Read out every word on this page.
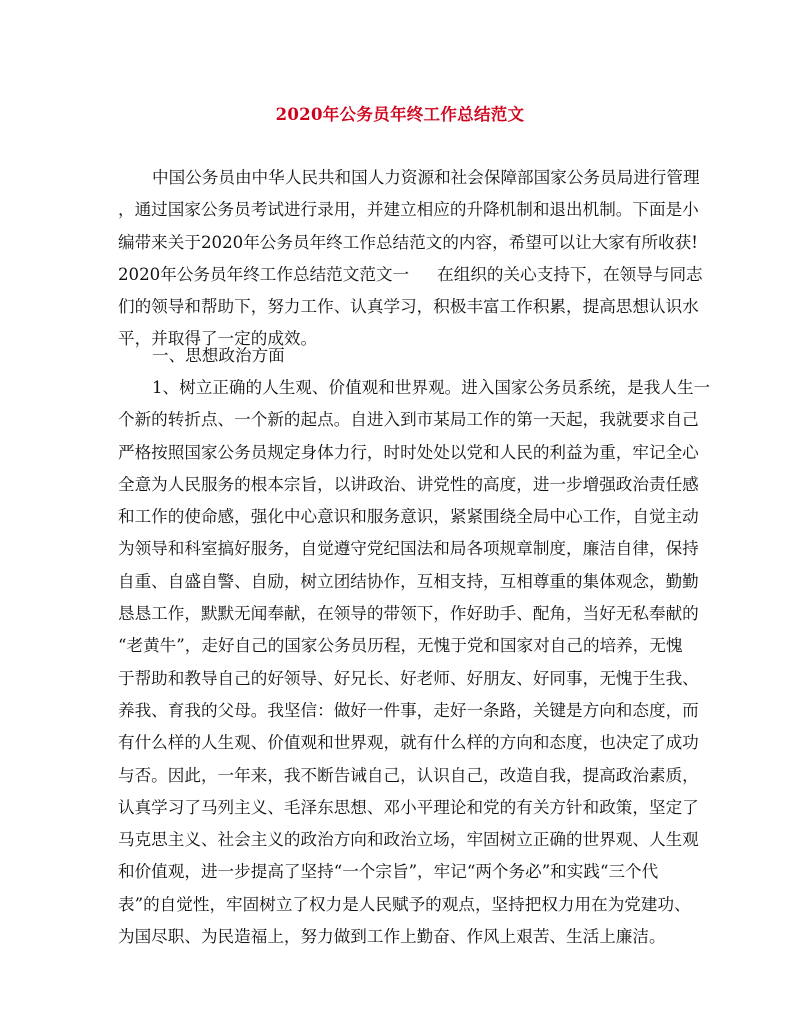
2020年公务员年终工作总结范文
中国公务员由中华人民共和国人力资源和社会保障部国家公务员局进行管理
，通过国家公务员考试进行录用，并建立相应的升降机制和退出机制。下面是小
编带来关于2020年公务员年终工作总结范文的内容，希望可以让大家有所收获!
2020年公务员年终工作总结范文范文一 在组织的关心支持下，在领导与同志
们的领导和帮助下，努力工作、认真学习，积极丰富工作积累，提高思想认识水
平，并取得了一定的成效。
一、思想政治方面
1、树立正确的人生观、价值观和世界观。进入国家公务员系统，是我人生一
个新的转折点、一个新的起点。自进入到市某局工作的第一天起，我就要求自己
严格按照国家公务员规定身体力行，时时处处以党和人民的利益为重，牢记全心
全意为人民服务的根本宗旨，以讲政治、讲党性的高度，进一步增强政治责任感
和工作的使命感，强化中心意识和服务意识，紧紧围绕全局中心工作，自觉主动
为领导和科室搞好服务，自觉遵守党纪国法和局各项规章制度，廉洁自律，保持
自重、自盛自警、自励，树立团结协作，互相支持，互相尊重的集体观念，勤勤
恳恳工作，默默无闻奉献，在领导的带领下，作好助手、配角，当好无私奉献的
“老黄牛”，走好自己的国家公务员历程，无愧于党和国家对自己的培养，无愧
于帮助和教导自己的好领导、好兄长、好老师、好朋友、好同事，无愧于生我、
养我、育我的父母。我坚信：做好一件事，走好一条路，关键是方向和态度，而
有什么样的人生观、价值观和世界观，就有什么样的方向和态度，也决定了成功
与否。因此，一年来，我不断告诫自己，认识自己，改造自我，提高政治素质，
认真学习了马列主义、毛泽东思想、邓小平理论和党的有关方针和政策，坚定了
马克思主义、社会主义的政治方向和政治立场，牢固树立正确的世界观、人生观
和价值观，进一步提高了坚持“一个宗旨”，牢记“两个务必”和实践“三个代
表”的自觉性，牢固树立了权力是人民赋予的观点，坚持把权力用在为党建功、
为国尽职、为民造福上，努力做到工作上勤奋、作风上艰苦、生活上廉洁。
